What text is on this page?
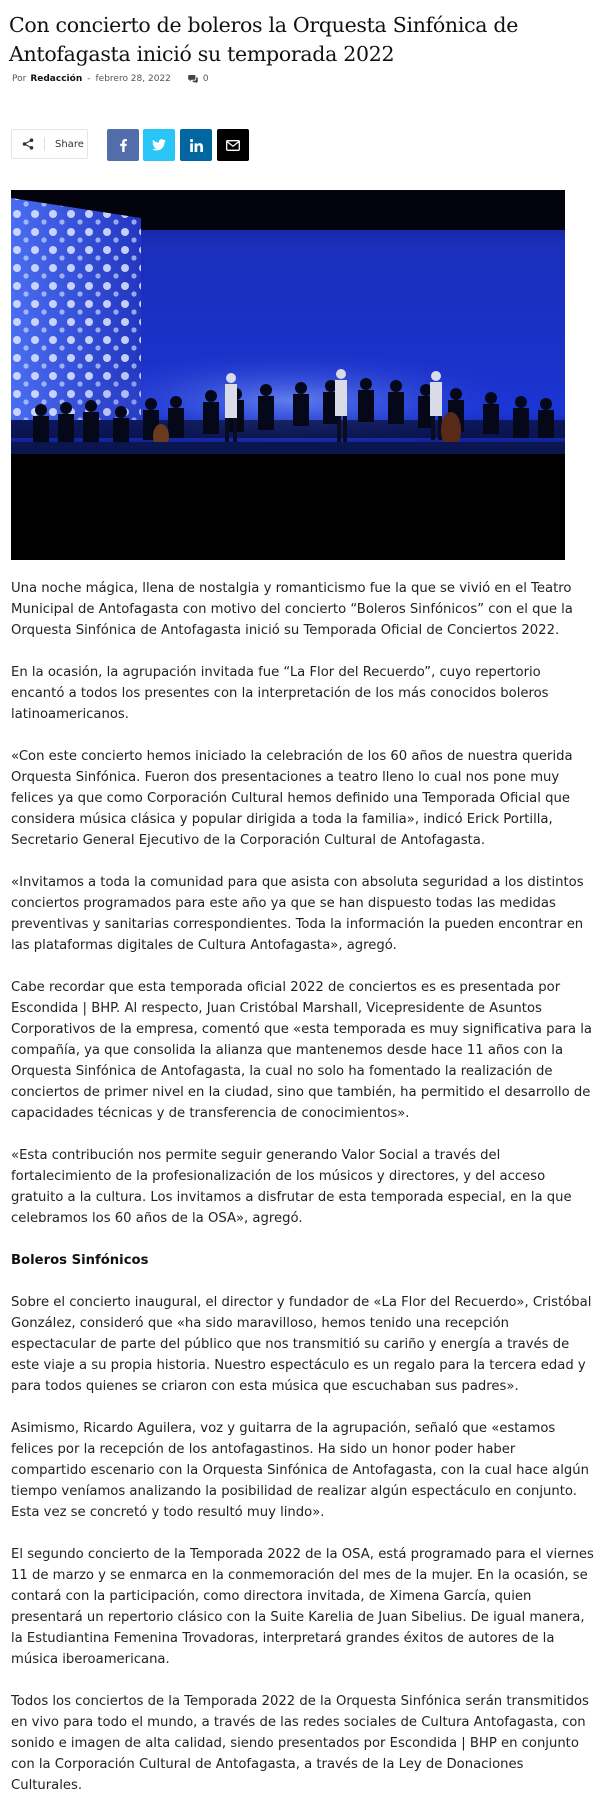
Con concierto de boleros la Orquesta Sinfónica de Antofagasta inició su temporada 2022
Por Redacción - febrero 28, 2022	0
Share

Una noche mágica, llena de nostalgia y romanticismo fue la que se vivió en el Teatro Municipal de Antofagasta con motivo del concierto “Boleros Sinfónicos” con el que la Orquesta Sinfónica de Antofagasta inició su Temporada Oficial de Conciertos 2022.

En la ocasión, la agrupación invitada fue “La Flor del Recuerdo”, cuyo repertorio encantó a todos los presentes con la interpretación de los más conocidos boleros latinoamericanos.

«Con este concierto hemos iniciado la celebración de los 60 años de nuestra querida Orquesta Sinfónica. Fueron dos presentaciones a teatro lleno lo cual nos pone muy felices ya que como Corporación Cultural hemos definido una Temporada Oficial que considera música clásica y popular dirigida a toda la familia», indicó Erick Portilla, Secretario General Ejecutivo de la Corporación Cultural de Antofagasta.

«Invitamos a toda la comunidad para que asista con absoluta seguridad a los distintos conciertos programados para este año ya que se han dispuesto todas las medidas preventivas y sanitarias correspondientes. Toda la información la pueden encontrar en las plataformas digitales de Cultura Antofagasta», agregó.

Cabe recordar que esta temporada oficial 2022 de conciertos es es presentada por Escondida | BHP. Al respecto, Juan Cristóbal Marshall, Vicepresidente de Asuntos Corporativos de la empresa, comentó que «esta temporada es muy significativa para la compañía, ya que consolida la alianza que mantenemos desde hace 11 años con la Orquesta Sinfónica de Antofagasta, la cual no solo ha fomentado la realización de conciertos de primer nivel en la ciudad, sino que también, ha permitido el desarrollo de capacidades técnicas y de transferencia de conocimientos».

«Esta contribución nos permite seguir generando Valor Social a través del fortalecimiento de la profesionalización de los músicos y directores, y del acceso gratuito a la cultura. Los invitamos a disfrutar de esta temporada especial, en la que celebramos los 60 años de la OSA», agregó.

Boleros Sinfónicos

Sobre el concierto inaugural, el director y fundador de «La Flor del Recuerdo», Cristóbal González, consideró que «ha sido maravilloso, hemos tenido una recepción espectacular de parte del público que nos transmitió su cariño y energía a través de este viaje a su propia historia. Nuestro espectáculo es un regalo para la tercera edad y para todos quienes se criaron con esta música que escuchaban sus padres».

Asimismo, Ricardo Aguilera, voz y guitarra de la agrupación, señaló que «estamos felices por la recepción de los antofagastinos. Ha sido un honor poder haber compartido escenario con la Orquesta Sinfónica de Antofagasta, con la cual hace algún tiempo veníamos analizando la posibilidad de realizar algún espectáculo en conjunto. Esta vez se concretó y todo resultó muy lindo».

El segundo concierto de la Temporada 2022 de la OSA, está programado para el viernes 11 de marzo y se enmarca en la conmemoración del mes de la mujer. En la ocasión, se contará con la participación, como directora invitada, de Ximena García, quien presentará un repertorio clásico con la Suite Karelia de Juan Sibelius. De igual manera, la Estudiantina Femenina Trovadoras, interpretará grandes éxitos de autores de la música iberoamericana.

Todos los conciertos de la Temporada 2022 de la Orquesta Sinfónica serán transmitidos en vivo para todo el mundo, a través de las redes sociales de Cultura Antofagasta, con sonido e imagen de alta calidad, siendo presentados por Escondida | BHP en conjunto con la Corporación Cultural de Antofagasta, a través de la Ley de Donaciones Culturales.
